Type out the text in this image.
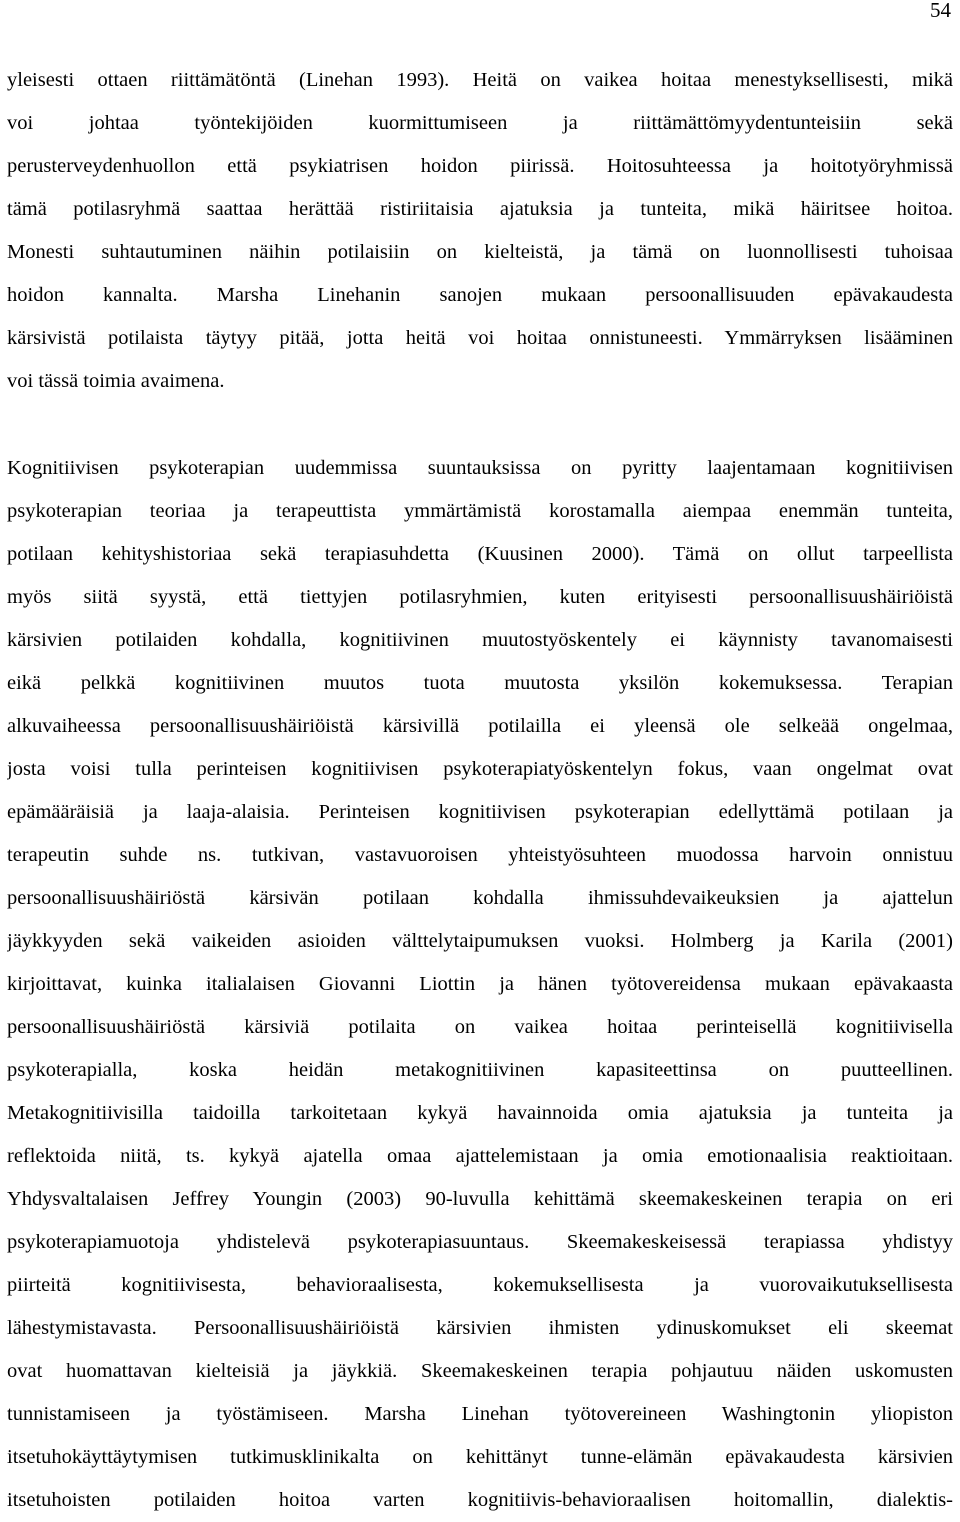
54
yleisesti ottaen riittämätöntä (Linehan 1993). Heitä on vaikea hoitaa menestyksellisesti, mikä
voi johtaa työntekijöiden kuormittumiseen ja riittämättömyydentunteisiin sekä
perusterveydenhuollon että psykiatrisen hoidon piirissä. Hoitosuhteessa ja hoitotyöryhmissä
tämä potilasryhmä saattaa herättää ristiriitaisia ajatuksia ja tunteita, mikä häiritsee hoitoa.
Monesti suhtautuminen näihin potilaisiin on kielteistä, ja tämä on luonnollisesti tuhoisaa
hoidon kannalta. Marsha Linehanin sanojen mukaan persoonallisuuden epävakaudesta
kärsivistä potilaista täytyy pitää, jotta heitä voi hoitaa onnistuneesti. Ymmärryksen lisääminen
voi tässä toimia avaimena.
Kognitiivisen psykoterapian uudemmissa suuntauksissa on pyritty laajentamaan kognitiivisen
psykoterapian teoriaa ja terapeuttista ymmärtämistä korostamalla aiempaa enemmän tunteita,
potilaan kehityshistoriaa sekä terapiasuhdetta (Kuusinen 2000). Tämä on ollut tarpeellista
myös siitä syystä, että tiettyjen potilasryhmien, kuten erityisesti persoonallisuushäiriöistä
kärsivien potilaiden kohdalla, kognitiivinen muutostyöskentely ei käynnisty tavanomaisesti
eikä pelkkä kognitiivinen muutos tuota muutosta yksilön kokemuksessa. Terapian
alkuvaiheessa persoonallisuushäiriöistä kärsivillä potilailla ei yleensä ole selkeää ongelmaa,
josta voisi tulla perinteisen kognitiivisen psykoterapiatyöskentelyn fokus, vaan ongelmat ovat
epämääräisiä ja laaja-alaisia. Perinteisen kognitiivisen psykoterapian edellyttämä potilaan ja
terapeutin suhde ns. tutkivan, vastavuoroisen yhteistyösuhteen muodossa harvoin onnistuu
persoonallisuushäiriöstä kärsivän potilaan kohdalla ihmissuhdevaikeuksien ja ajattelun
jäykkyyden sekä vaikeiden asioiden välttelytaipumuksen vuoksi. Holmberg ja Karila (2001)
kirjoittavat, kuinka italialaisen Giovanni Liottin ja hänen työtovereidensa mukaan epävakaasta
persoonallisuushäiriöstä kärsiviä potilaita on vaikea hoitaa perinteisellä kognitiivisella
psykoterapialla, koska heidän metakognitiivinen kapasiteettinsa on puutteellinen.
Metakognitiivisilla taidoilla tarkoitetaan kykyä havainnoida omia ajatuksia ja tunteita ja
reflektoida niitä, ts. kykyä ajatella omaa ajattelemistaan ja omia emotionaalisia reaktioitaan.
Yhdysvaltalaisen Jeffrey Youngin (2003) 90-luvulla kehittämä skeemakeskeinen terapia on eri
psykoterapiamuotoja yhdistelevä psykoterapiasuuntaus. Skeemakeskeisessä terapiassa yhdistyy
piirteitä kognitiivisesta, behavioraalisesta, kokemuksellisesta ja vuorovaikutuksellisesta
lähestymistavasta. Persoonallisuushäiriöistä kärsivien ihmisten ydinuskomukset eli skeemat
ovat huomattavan kielteisiä ja jäykkiä. Skeemakeskeinen terapia pohjautuu näiden uskomusten
tunnistamiseen ja työstämiseen. Marsha Linehan työtovereineen Washingtonin yliopiston
itsetuhokäyttäytymisen tutkimusklinikalta on kehittänyt tunne-elämän epävakaudesta kärsivien
itsetuhoisten potilaiden hoitoa varten kognitiivis-behavioraalisen hoitomallin, dialektis-
